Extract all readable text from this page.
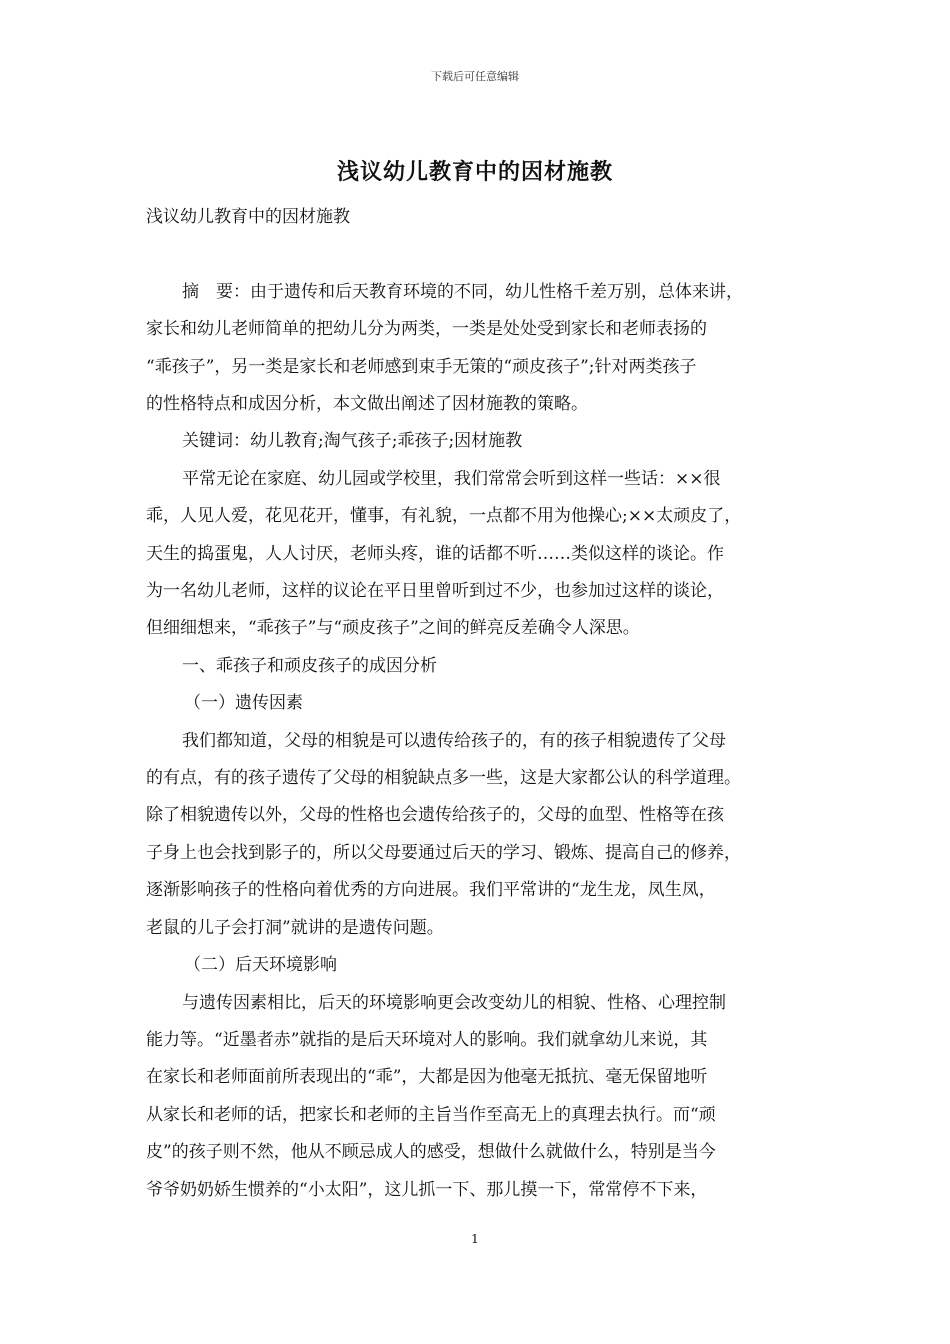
下载后可任意编辑
浅议幼儿教育中的因材施教

浅议幼儿教育中的因材施教

摘　要：由于遗传和后天教育环境的不同，幼儿性格千差万别，总体来讲，

家长和幼儿老师简单的把幼儿分为两类，一类是处处受到家长和老师表扬的

“乖孩子”，另一类是家长和老师感到束手无策的“顽皮孩子”;针对两类孩子

的性格特点和成因分析，本文做出阐述了因材施教的策略。

关键词：幼儿教育;淘气孩子;乖孩子;因材施教

平常无论在家庭、幼儿园或学校里，我们常常会听到这样一些话：××很

乖，人见人爱，花见花开，懂事，有礼貌，一点都不用为他操心;××太顽皮了，

天生的捣蛋鬼，人人讨厌，老师头疼，谁的话都不听……类似这样的谈论。作

为一名幼儿老师，这样的议论在平日里曾听到过不少，也参加过这样的谈论，

但细细想来，“乖孩子”与“顽皮孩子”之间的鲜亮反差确令人深思。

一、乖孩子和顽皮孩子的成因分析

（一）遗传因素

我们都知道，父母的相貌是可以遗传给孩子的，有的孩子相貌遗传了父母

的有点，有的孩子遗传了父母的相貌缺点多一些，这是大家都公认的科学道理。

除了相貌遗传以外，父母的性格也会遗传给孩子的，父母的血型、性格等在孩

子身上也会找到影子的，所以父母要通过后天的学习、锻炼、提高自己的修养，

逐渐影响孩子的性格向着优秀的方向进展。我们平常讲的“龙生龙，凤生凤，

老鼠的儿子会打洞”就讲的是遗传问题。

（二）后天环境影响

与遗传因素相比，后天的环境影响更会改变幼儿的相貌、性格、心理控制

能力等。“近墨者赤”就指的是后天环境对人的影响。我们就拿幼儿来说，其

在家长和老师面前所表现出的“乖”，大都是因为他毫无抵抗、毫无保留地听

从家长和老师的话，把家长和老师的主旨当作至高无上的真理去执行。而“顽

皮”的孩子则不然，他从不顾忌成人的感受，想做什么就做什么，特别是当今

爷爷奶奶娇生惯养的“小太阳”，这儿抓一下、那儿摸一下，常常停不下来，

1
